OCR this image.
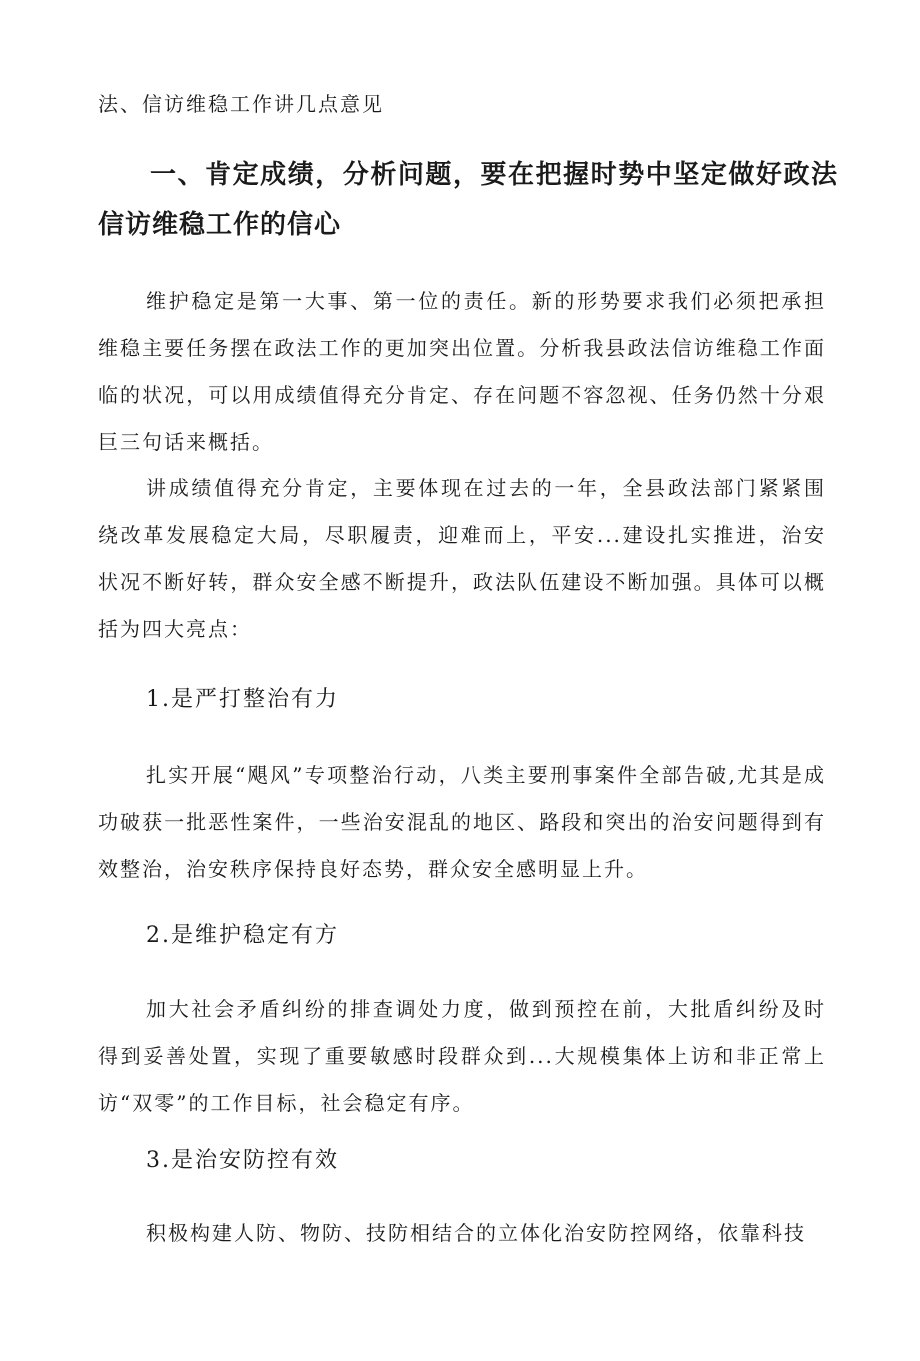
法、信访维稳工作讲几点意见
一、肯定成绩，分析问题，要在把握时势中坚定做好政法信访维稳工作的信心
维护稳定是第一大事、第一位的责任。新的形势要求我们必须把承担维稳主要任务摆在政法工作的更加突出位置。分析我县政法信访维稳工作面临的状况，可以用成绩值得充分肯定、存在问题不容忽视、任务仍然十分艰巨三句话来概括。
讲成绩值得充分肯定，主要体现在过去的一年，全县政法部门紧紧围绕改革发展稳定大局，尽职履责，迎难而上，平安...建设扎实推进，治安状况不断好转，群众安全感不断提升，政法队伍建设不断加强。具体可以概括为四大亮点：
1.是严打整治有力
扎实开展“飓风”专项整治行动，八类主要刑事案件全部告破,尤其是成功破获一批恶性案件，一些治安混乱的地区、路段和突出的治安问题得到有效整治，治安秩序保持良好态势，群众安全感明显上升。
2.是维护稳定有方
加大社会矛盾纠纷的排查调处力度，做到预控在前，大批盾纠纷及时得到妥善处置，实现了重要敏感时段群众到...大规模集体上访和非正常上访“双零”的工作目标，社会稳定有序。
3.是治安防控有效
积极构建人防、物防、技防相结合的立体化治安防控网络，依靠科技
